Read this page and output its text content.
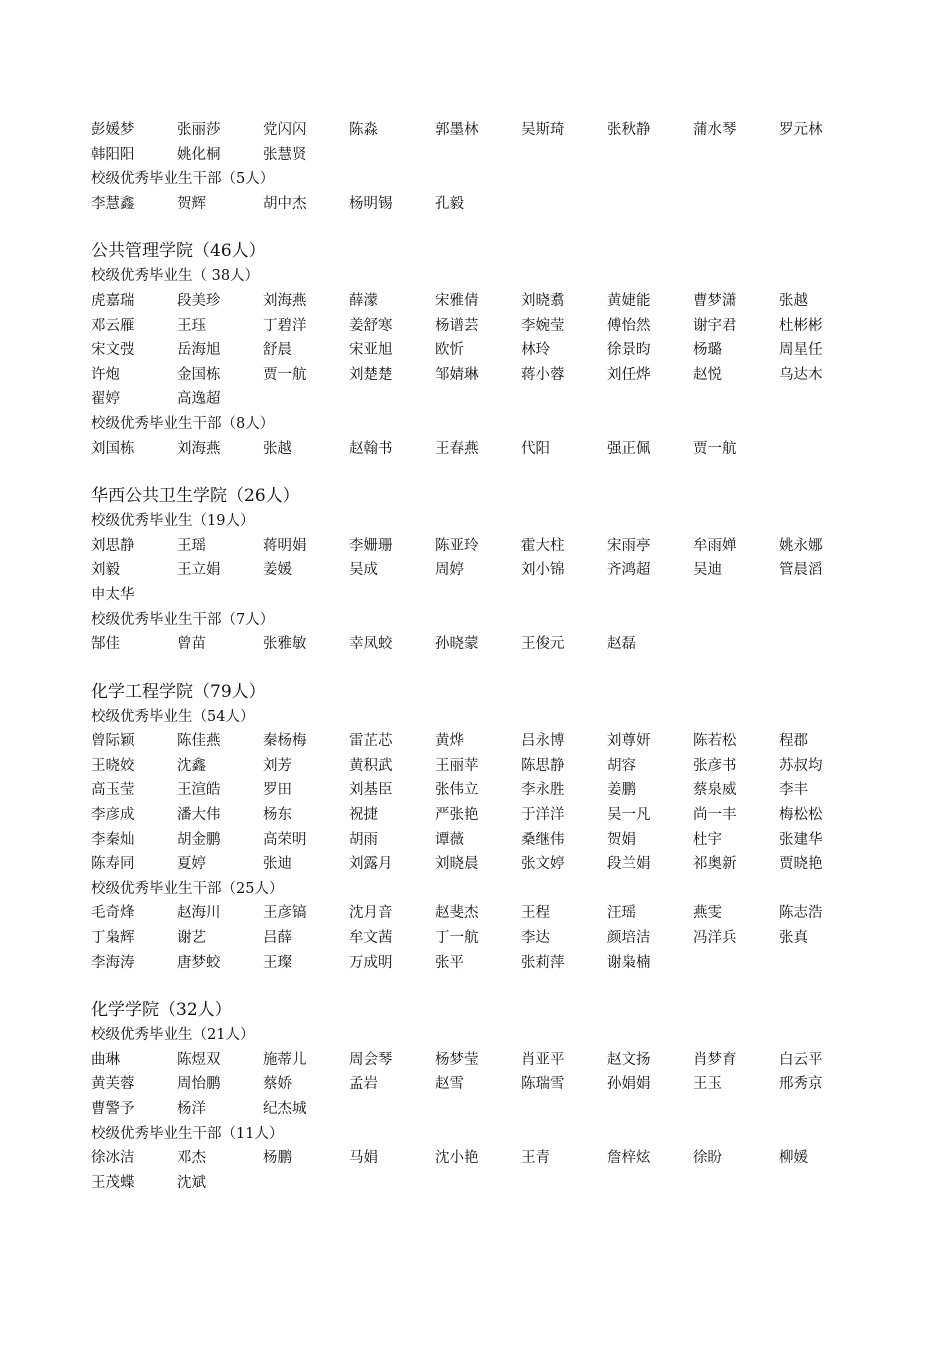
彭媛梦	张丽莎	党闪闪	陈淼	郭墨林	吴斯琦	张秋静	蒲水琴	罗元林
韩阳阳	姚化桐	张慧贤
校级优秀毕业生干部（5人）
李慧鑫	贺辉	胡中杰	杨明锡	孔毅
公共管理学院（46人）
校级优秀毕业生（ 38人）
虎嘉瑞	段美珍	刘海燕	薛濛	宋雅倩	刘晓翥	黄婕能	曹梦潇	张越
邓云雁	王珏	丁碧洋	姜舒寒	杨谱芸	李婉莹	傅怡然	谢宇君	杜彬彬
宋文弢	岳海旭	舒晨	宋亚旭	欧忻	林玲	徐景昀	杨璐	周星任
许炮	金国栋	贾一航	刘楚楚	邹婧琳	蒋小蓉	刘任烨	赵悦	乌达木
翟婷	高逸超
校级优秀毕业生干部（8人）
刘国栋	刘海燕	张越	赵翰书	王春燕	代阳	强正佩	贾一航
华西公共卫生学院（26人）
校级优秀毕业生（19人）
刘思静	王瑶	蒋明娟	李姗珊	陈亚玲	霍大柱	宋雨亭	牟雨婵	姚永娜
刘毅	王立娟	姜媛	吴成	周婷	刘小锦	齐鸿超	吴迪	管晨滔
申太华
校级优秀毕业生干部（7人）
郜佳	曾苗	张雅敏	幸凤蛟	孙晓蒙	王俊元	赵磊
化学工程学院（79人）
校级优秀毕业生（54人）
曾际颖	陈佳燕	秦杨梅	雷芷芯	黄烨	吕永博	刘尊妍	陈若松	程郡
王晓姣	沈鑫	刘芳	黄积武	王丽苹	陈思静	胡容	张彦书	苏叔均
高玉莹	王渲皓	罗田	刘基臣	张伟立	李永胜	姜鹏	蔡泉威	李丰
李彦成	潘大伟	杨东	祝捷	严张艳	于洋洋	吴一凡	尚一丰	梅松松
李秦灿	胡金鹏	高荣明	胡雨	谭薇	桑继伟	贺娟	杜宇	张建华
陈寿同	夏婷	张迪	刘露月	刘晓晨	张文婷	段兰娟	祁奥新	贾晓艳
校级优秀毕业生干部（25人）
毛奇烽	赵海川	王彦镐	沈月音	赵斐杰	王程	汪瑶	燕雯	陈志浩
丁枭辉	谢艺	吕薛	牟文茜	丁一航	李达	颜培洁	冯洋兵	张真
李海涛	唐梦蛟	王璨	万成明	张平	张莉萍	谢枭楠
化学学院（32人）
校级优秀毕业生（21人）
曲琳	陈煜双	施蒂儿	周会琴	杨梦莹	肖亚平	赵文扬	肖梦育	白云平
黄芙蓉	周怡鹏	蔡娇	孟岩	赵雪	陈瑞雪	孙娟娟	王玉	邢秀京
曹警予	杨洋	纪杰城
校级优秀毕业生干部（11人）
徐冰洁	邓杰	杨鹏	马娟	沈小艳	王青	詹梓炫	徐盼	柳媛
王茂蝶	沈斌
